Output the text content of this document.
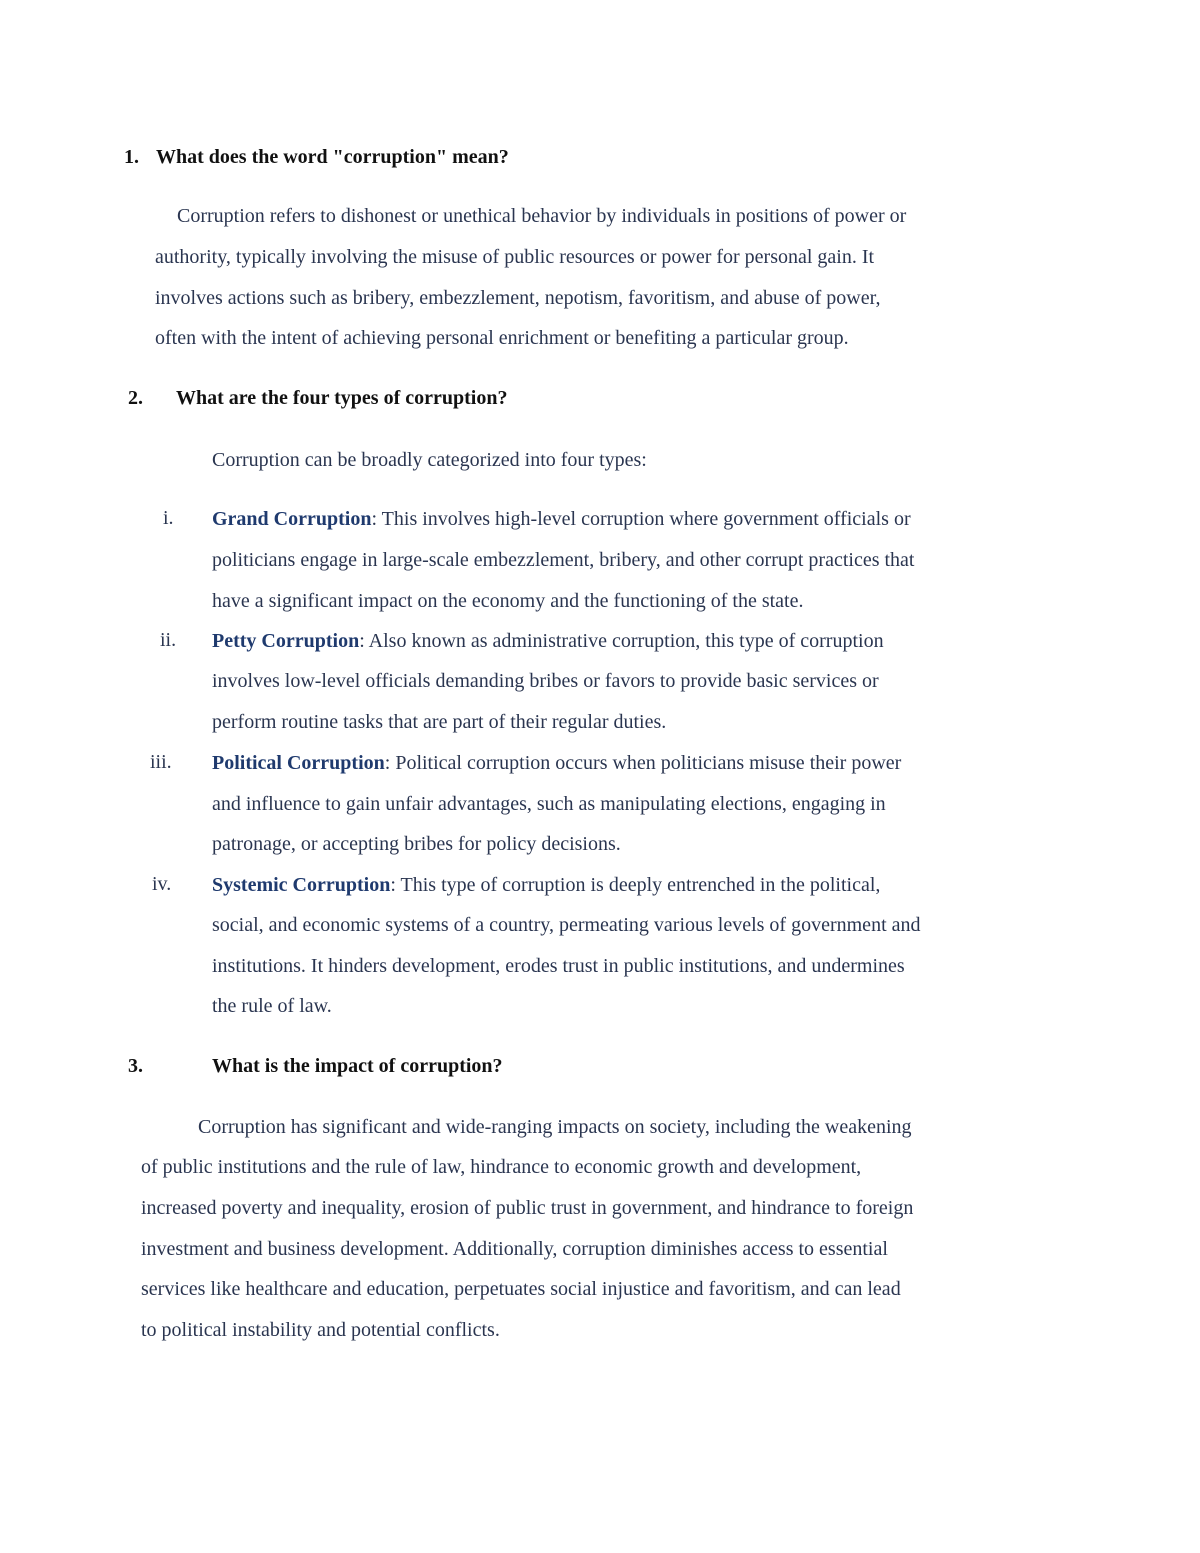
1. What does the word "corruption" mean?

Corruption refers to dishonest or unethical behavior by individuals in positions of power or

authority, typically involving the misuse of public resources or power for personal gain. It

involves actions such as bribery, embezzlement, nepotism, favoritism, and abuse of power,

often with the intent of achieving personal enrichment or benefiting a particular group.

2. What are the four types of corruption?

Corruption can be broadly categorized into four types:

i. Grand Corruption: This involves high-level corruption where government officials or

politicians engage in large-scale embezzlement, bribery, and other corrupt practices that

have a significant impact on the economy and the functioning of the state.

ii. Petty Corruption: Also known as administrative corruption, this type of corruption

involves low-level officials demanding bribes or favors to provide basic services or

perform routine tasks that are part of their regular duties.

iii. Political Corruption: Political corruption occurs when politicians misuse their power

and influence to gain unfair advantages, such as manipulating elections, engaging in

patronage, or accepting bribes for policy decisions.

iv. Systemic Corruption: This type of corruption is deeply entrenched in the political,

social, and economic systems of a country, permeating various levels of government and

institutions. It hinders development, erodes trust in public institutions, and undermines

the rule of law.

3.	What is the impact of corruption?

Corruption has significant and wide-ranging impacts on society, including the weakening

of public institutions and the rule of law, hindrance to economic growth and development,

increased poverty and inequality, erosion of public trust in government, and hindrance to foreign

investment and business development. Additionally, corruption diminishes access to essential

services like healthcare and education, perpetuates social injustice and favoritism, and can lead

to political instability and potential conflicts.
